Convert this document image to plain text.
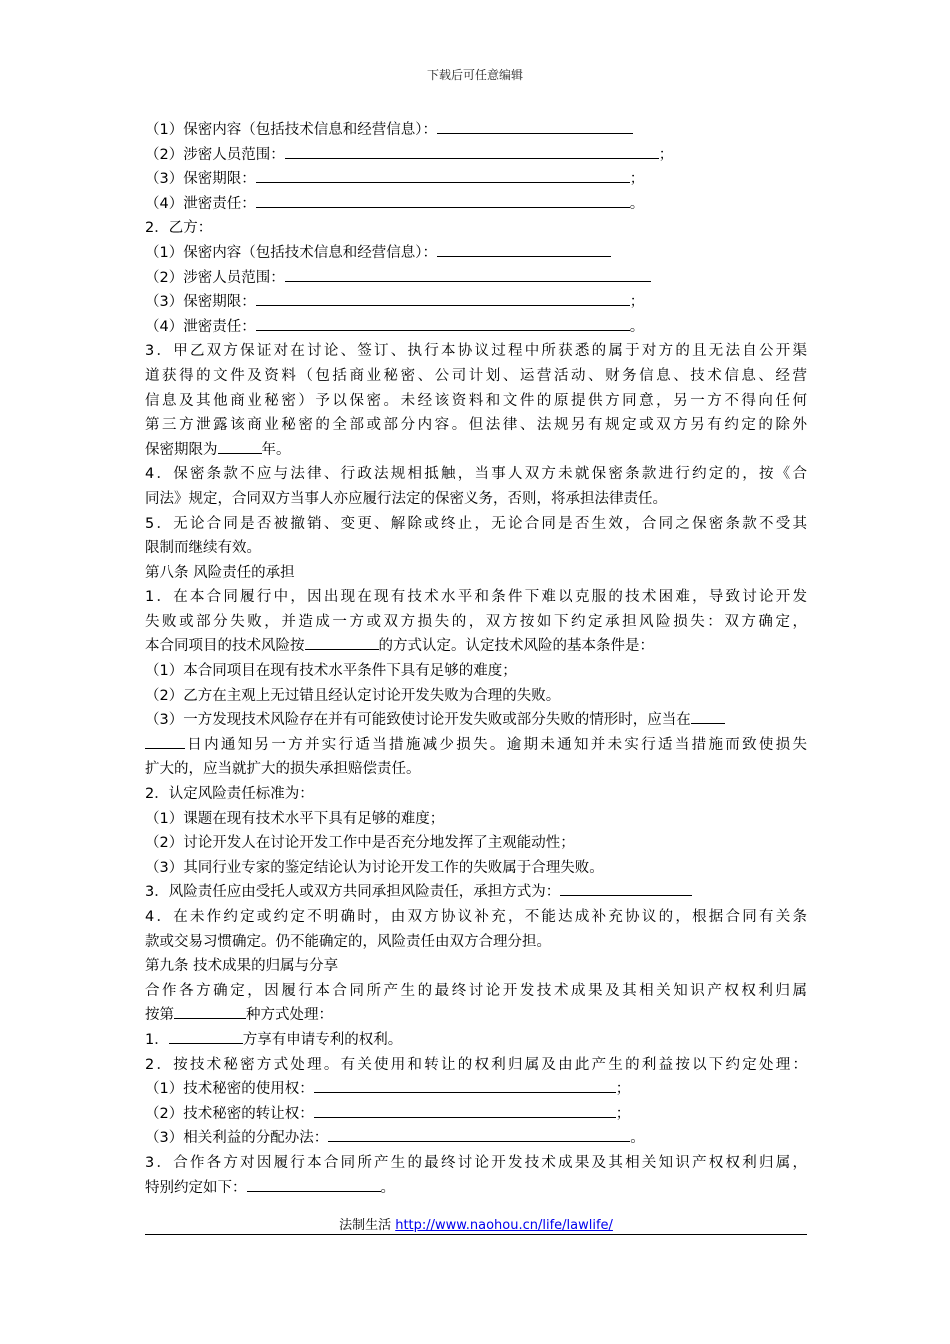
下载后可任意编辑
（1）保密内容（包括技术信息和经营信息）：
（2）涉密人员范围：	；
（3）保密期限：	；
（4）泄密责任：	。
2．乙方：
（1）保密内容（包括技术信息和经营信息）：
（2）涉密人员范围：
（3）保密期限：	；
（4）泄密责任：	。
3．甲乙双方保证对在讨论、签订、执行本协议过程中所获悉的属于对方的且无法自公开渠
道获得的文件及资料（包括商业秘密、公司计划、运营活动、财务信息、技术信息、经营
信息及其他商业秘密）予以保密。未经该资料和文件的原提供方同意，另一方不得向任何
第三方泄露该商业秘密的全部或部分内容。但法律、法规另有规定或双方另有约定的除外
保密期限为	年。
4．保密条款不应与法律、行政法规相抵触，当事人双方未就保密条款进行约定的，按《合
同法》规定，合同双方当事人亦应履行法定的保密义务，否则，将承担法律责任。
5．无论合同是否被撤销、变更、解除或终止，无论合同是否生效，合同之保密条款不受其
限制而继续有效。
第八条 风险责任的承担
1．在本合同履行中，因出现在现有技术水平和条件下难以克服的技术困难，导致讨论开发
失败或部分失败，并造成一方或双方损失的，双方按如下约定承担风险损失：双方确定，
本合同项目的技术风险按	的方式认定。认定技术风险的基本条件是：
（1）本合同项目在现有技术水平条件下具有足够的难度；
（2）乙方在主观上无过错且经认定讨论开发失败为合理的失败。
（3）一方发现技术风险存在并有可能致使讨论开发失败或部分失败的情形时，应当在
日内通知另一方并实行适当措施减少损失。逾期未通知并未实行适当措施而致使损失
扩大的，应当就扩大的损失承担赔偿责任。
2．认定风险责任标准为：
（1）课题在现有技术水平下具有足够的难度；
（2）讨论开发人在讨论开发工作中是否充分地发挥了主观能动性；
（3）其同行业专家的鉴定结论认为讨论开发工作的失败属于合理失败。
3．风险责任应由受托人或双方共同承担风险责任，承担方式为：
4．在未作约定或约定不明确时，由双方协议补充，不能达成补充协议的，根据合同有关条
款或交易习惯确定。仍不能确定的，风险责任由双方合理分担。
第九条 技术成果的归属与分享
合作各方确定，因履行本合同所产生的最终讨论开发技术成果及其相关知识产权权利归属
按第	种方式处理：
1．	方享有申请专利的权利。
2．按技术秘密方式处理。有关使用和转让的权利归属及由此产生的利益按以下约定处理：
（1）技术秘密的使用权：	；
（2）技术秘密的转让权：	；
（3）相关利益的分配办法：	。
3．合作各方对因履行本合同所产生的最终讨论开发技术成果及其相关知识产权权利归属，
特别约定如下：	。
法制生活 http://www.naohou.cn/life/lawlife/
